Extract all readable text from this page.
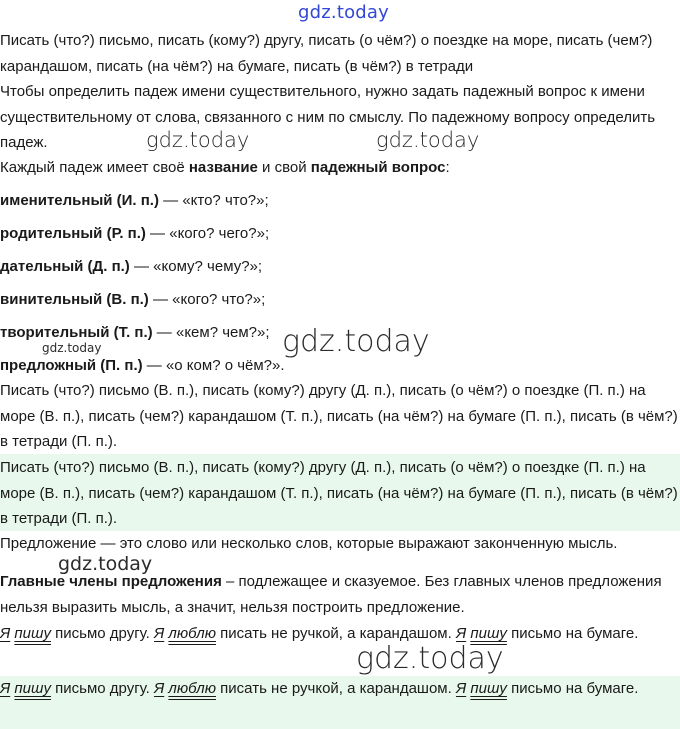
gdz.today
gdz.today	gdz.today
gdz.today
gdz.today
gdz.today
gdz.today
Писать (что?) письмо, писать (кому?) другу, писать (о чём?) о поездке на море, писать (чем?) карандашом, писать (на чём?) на бумаге, писать (в чём?) в тетради
Чтобы определить падеж имени существительного, нужно задать падежный вопрос к имени существительному от слова, связанного с ним по смыслу. По падежному вопросу определить падеж.
Каждый падеж имеет своё название и свой падежный вопрос:
именительный (И. п.) — «кто? что?»;
родительный (Р. п.) — «кого? чего?»;
дательный (Д. п.) — «кому? чему?»;
винительный (В. п.) — «кого? что?»;
творительный (Т. п.) — «кем? чем?»;
предложный (П. п.) — «о ком? о чём?».
Писать (что?) письмо (В. п.), писать (кому?) другу (Д. п.), писать (о чём?) о поездке (П. п.) на море (В. п.), писать (чем?) карандашом (Т. п.), писать (на чём?) на бумаге (П. п.), писать (в чём?) в тетради (П. п.).
Писать (что?) письмо (В. п.), писать (кому?) другу (Д. п.), писать (о чём?) о поездке (П. п.) на море (В. п.), писать (чем?) карандашом (Т. п.), писать (на чём?) на бумаге (П. п.), писать (в чём?) в тетради (П. п.).
Предложение — это слово или несколько слов, которые выражают законченную мысль.
Главные члены предложения – подлежащее и сказуемое. Без главных членов предложения нельзя выразить мысль, а значит, нельзя построить предложение.
Я пишу письмо другу. Я люблю писать не ручкой, а карандашом. Я пишу письмо на бумаге.
Я пишу письмо другу. Я люблю писать не ручкой, а карандашом. Я пишу письмо на бумаге.
